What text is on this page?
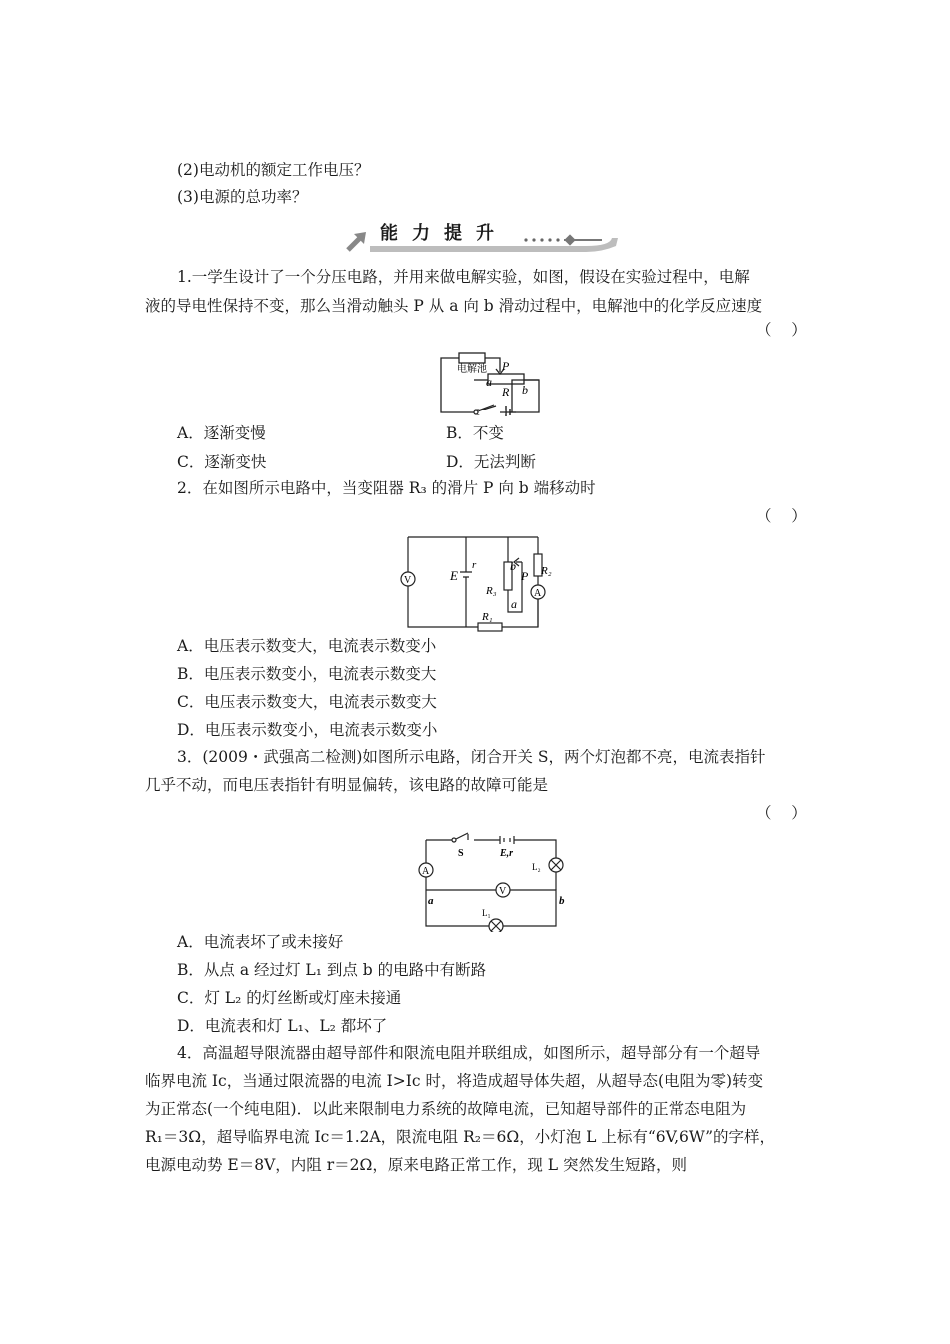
(2)电动机的额定工作电压？
(3)电源的总功率？
能力提升
1.一学生设计了一个分压电路，并用来做电解实验，如图，假设在实验过程中，电解
液的导电性保持不变，那么当滑动触头 P 从 a 向 b 滑动过程中，电解池中的化学反应速度
（    ）
电解池 P
a
R b
A．逐渐变慢	B．不变
C．逐渐变快	D．无法判断
2．在如图所示电路中，当变阻器 R₃ 的滑片 P 向 b 端移动时
（    ）
V	E
r	b
P R₂
R₃
a
A
R₁
A．电压表示数变大，电流表示数变小
B．电压表示数变小，电流表示数变大
C．电压表示数变大，电流表示数变大
D．电压表示数变小，电流表示数变小
3．(2009・武强高二检测)如图所示电路，闭合开关 S，两个灯泡都不亮，电流表指针
几乎不动，而电压表指针有明显偏转，该电路的故障可能是
（    ）
S	E,r
L₂
A
V
a	b
L₁
A．电流表坏了或未接好
B．从点 a 经过灯 L₁ 到点 b 的电路中有断路
C．灯 L₂ 的灯丝断或灯座未接通
D．电流表和灯 L₁、L₂ 都坏了
4．高温超导限流器由超导部件和限流电阻并联组成，如图所示，超导部分有一个超导
临界电流 Ic，当通过限流器的电流 I>Ic 时，将造成超导体失超，从超导态(电阻为零)转变
为正常态(一个纯电阻)．以此来限制电力系统的故障电流，已知超导部件的正常态电阻为
R₁＝3Ω，超导临界电流 Ic＝1.2A，限流电阻 R₂＝6Ω，小灯泡 L 上标有“6V,6W”的字样，
电源电动势 E＝8V，内阻 r＝2Ω，原来电路正常工作，现 L 突然发生短路，则
